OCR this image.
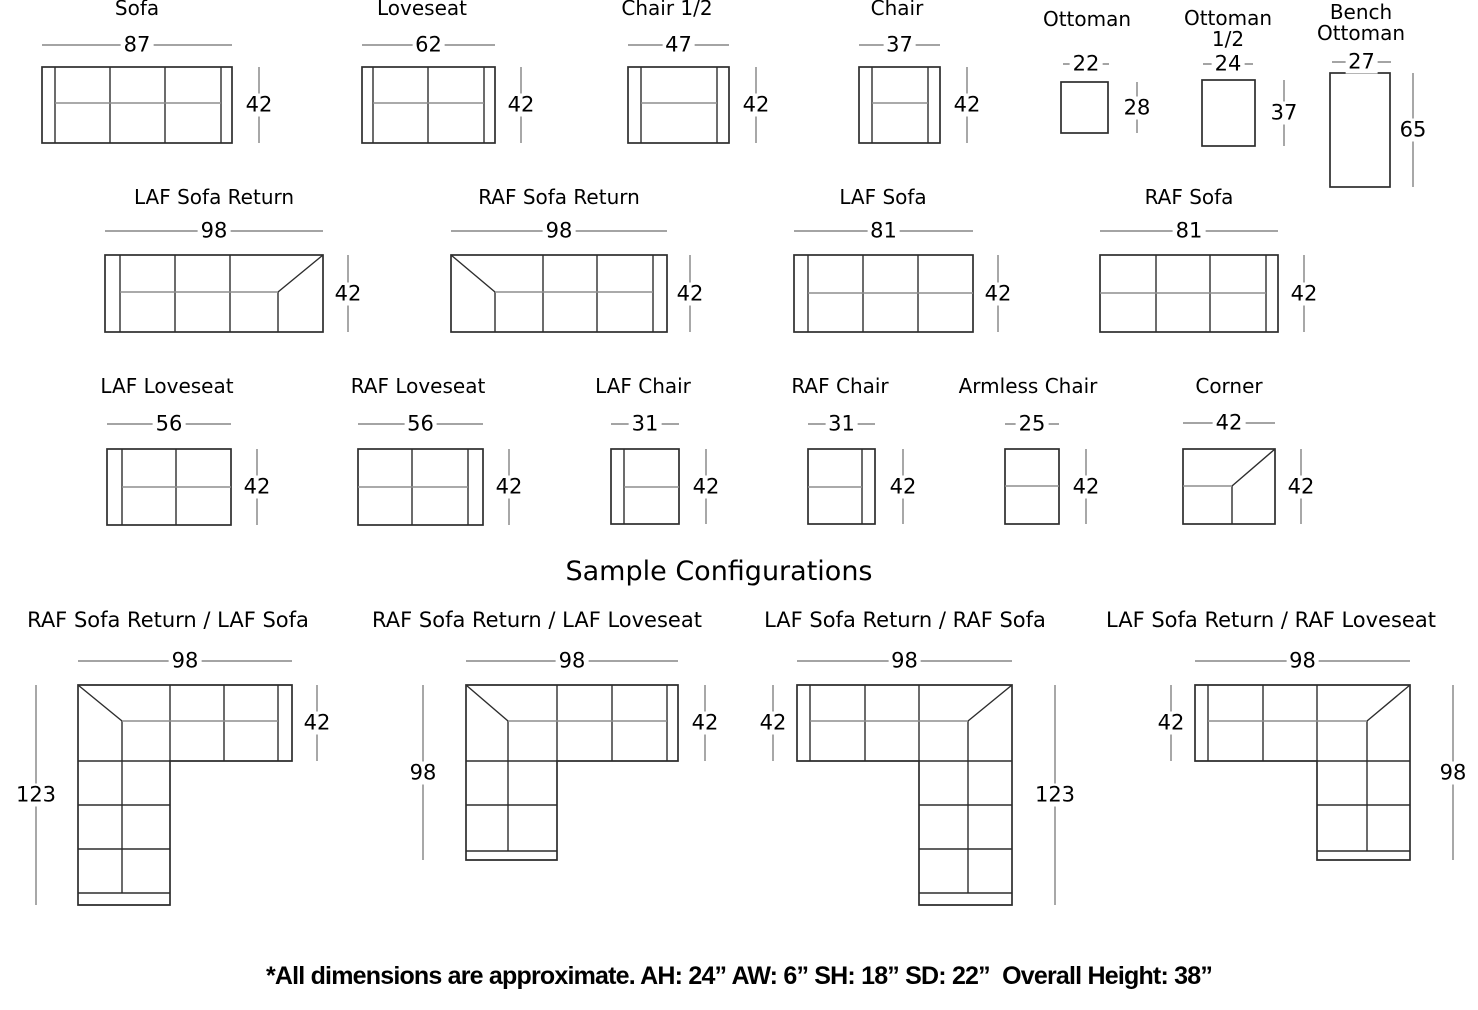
Sample Configurations
*All dimensions are approximate. AH: 24” AW: 6” SH: 18” SD: 22”  Overall Height: 38”
87
42
Sofa
62
42
Loveseat
47
42
Chair 1/2
37
42
Chair
22
28
Ottoman
24
37
Ottoman
1/2
27
65
Bench
Ottoman
98
42
LAF Sofa Return
98
42
RAF Sofa Return
81
42
LAF Sofa
81
42
RAF Sofa
56
42
LAF Loveseat
56
42
RAF Loveseat
31
42
LAF Chair
31
42
RAF Chair
25
42
Armless Chair
42
42
Corner
98
123
42
RAF Sofa Return / LAF Sofa
98
98
42
RAF Sofa Return / LAF Loveseat
98
42
123
LAF Sofa Return / RAF Sofa
98
42
98
LAF Sofa Return / RAF Loveseat
